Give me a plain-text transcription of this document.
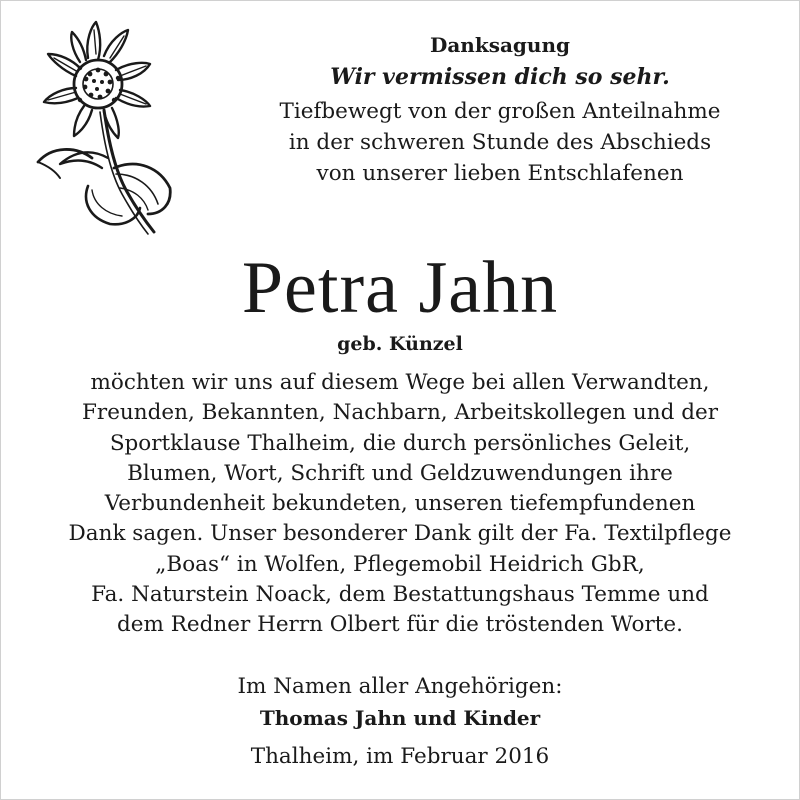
Danksagung
Wir vermissen dich so sehr.
Tiefbewegt von der großen Anteilnahme
in der schweren Stunde des Abschieds
von unserer lieben Entschlafenen
Petra Jahn
geb. Künzel
möchten wir uns auf diesem Wege bei allen Verwandten,
Freunden, Bekannten, Nachbarn, Arbeitskollegen und der
Sportklause Thalheim, die durch persönliches Geleit,
Blumen, Wort, Schrift und Geldzuwendungen ihre
Verbundenheit bekundeten, unseren tiefempfundenen
Dank sagen. Unser besonderer Dank gilt der Fa. Textilpflege
„Boas“ in Wolfen, Pflegemobil Heidrich GbR,
Fa. Naturstein Noack, dem Bestattungshaus Temme und
dem Redner Herrn Olbert für die tröstenden Worte.
Im Namen aller Angehörigen:
Thomas Jahn und Kinder
Thalheim, im Februar 2016
